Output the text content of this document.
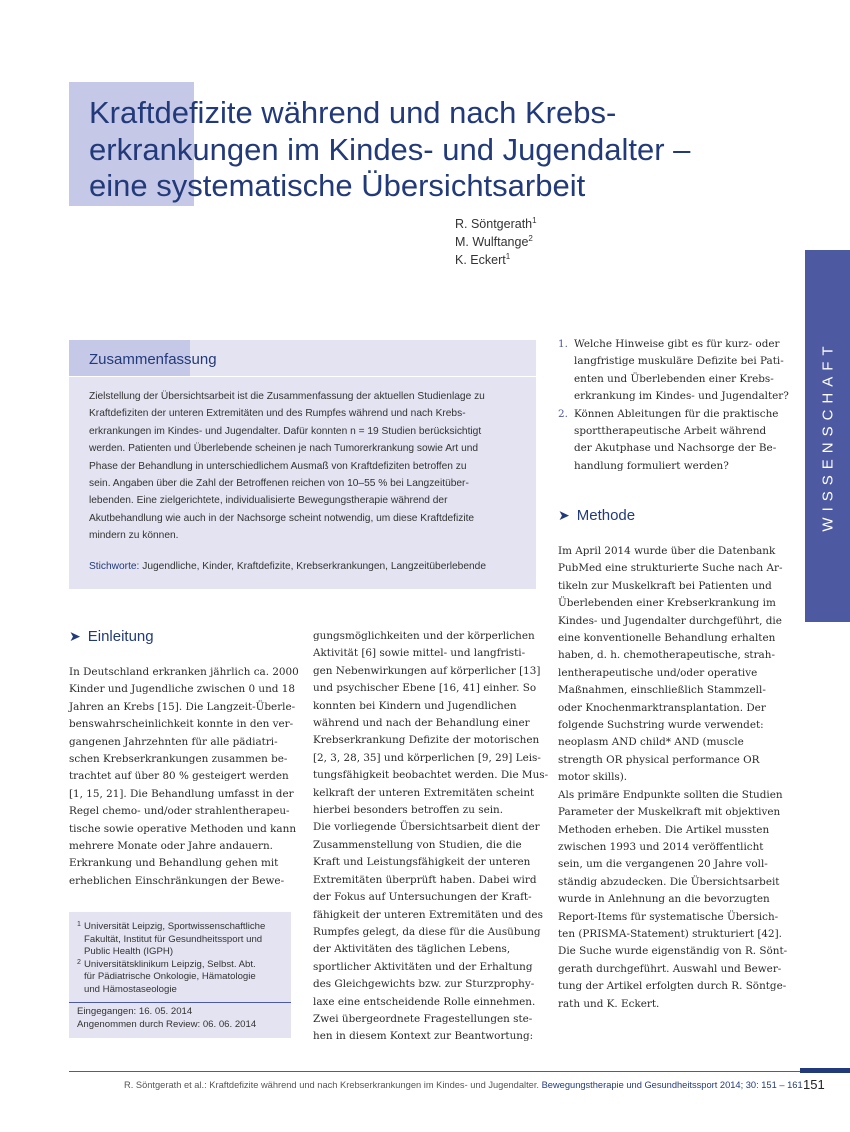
Kraftdefizite während und nach Krebs-
erkrankungen im Kindes- und Jugendalter –
eine systematische Übersichtsarbeit
R. Söntgerath$^1$
M. Wulftange$^2$
K. Eckert$^1$
WISSENSCHAFT
Zusammenfassung
Zielstellung der Übersichtsarbeit ist die Zusammenfassung der aktuellen Studienlage zu
Kraftdefiziten der unteren Extremitäten und des Rumpfes während und nach Krebs-
erkrankungen im Kindes- und Jugendalter. Dafür konnten n = 19 Studien berücksichtigt
werden. Patienten und Überlebende scheinen je nach Tumorerkrankung sowie Art und
Phase der Behandlung in unterschiedlichem Ausmaß von Kraftdefiziten betroffen zu
sein. Angaben über die Zahl der Betroffenen reichen von 10–55 % bei Langzeitüber-
lebenden. Eine zielgerichtete, individualisierte Bewegungstherapie während der
Akutbehandlung wie auch in der Nachsorge scheint notwendig, um diese Kraftdefizite
mindern zu können.
Stichworte: Jugendliche, Kinder, Kraftdefizite, Krebserkrankungen, Langzeitüberlebende
1. Welche Hinweise gibt es für kurz- oder
langfristige muskuläre Defizite bei Pati-
enten und Überlebenden einer Krebs-
erkrankung im Kindes- und Jugendalter?
2. Können Ableitungen für die praktische
sporttherapeutische Arbeit während
der Akutphase und Nachsorge der Be-
handlung formuliert werden?
➤ Einleitung
➤ Methode
In Deutschland erkranken jährlich ca. 2000
Kinder und Jugendliche zwischen 0 und 18
Jahren an Krebs [15]. Die Langzeit-Überle-
benswahrscheinlichkeit konnte in den ver-
gangenen Jahrzehnten für alle pädiatri-
schen Krebserkrankungen zusammen be-
trachtet auf über 80 % gesteigert werden
[1, 15, 21]. Die Behandlung umfasst in der
Regel chemo- und/oder strahlentherapeu-
tische sowie operative Methoden und kann
mehrere Monate oder Jahre andauern.
Erkrankung und Behandlung gehen mit
erheblichen Einschränkungen der Bewe-
gungsmöglichkeiten und der körperlichen
Aktivität [6] sowie mittel- und langfristi-
gen Nebenwirkungen auf körperlicher [13]
und psychischer Ebene [16, 41] einher. So
konnten bei Kindern und Jugendlichen
während und nach der Behandlung einer
Krebserkrankung Defizite der motorischen
[2, 3, 28, 35] und körperlichen [9, 29] Leis-
tungsfähigkeit beobachtet werden. Die Mus-
kelkraft der unteren Extremitäten scheint
hierbei besonders betroffen zu sein.
Die vorliegende Übersichtsarbeit dient der
Zusammenstellung von Studien, die die
Kraft und Leistungsfähigkeit der unteren
Extremitäten überprüft haben. Dabei wird
der Fokus auf Untersuchungen der Kraft-
fähigkeit der unteren Extremitäten und des
Rumpfes gelegt, da diese für die Ausübung
der Aktivitäten des täglichen Lebens,
sportlicher Aktivitäten und der Erhaltung
des Gleichgewichts bzw. zur Sturzprophy-
laxe eine entscheidende Rolle einnehmen.
Zwei übergeordnete Fragestellungen ste-
hen in diesem Kontext zur Beantwortung:
Im April 2014 wurde über die Datenbank
PubMed eine strukturierte Suche nach Ar-
tikeln zur Muskelkraft bei Patienten und
Überlebenden einer Krebserkrankung im
Kindes- und Jugendalter durchgeführt, die
eine konventionelle Behandlung erhalten
haben, d. h. chemotherapeutische, strah-
lentherapeutische und/oder operative
Maßnahmen, einschließlich Stammzell-
oder Knochenmarktransplantation. Der
folgende Suchstring wurde verwendet:
neoplasm AND child* AND (muscle
strength OR physical performance OR
motor skills).
Als primäre Endpunkte sollten die Studien
Parameter der Muskelkraft mit objektiven
Methoden erheben. Die Artikel mussten
zwischen 1993 und 2014 veröffentlicht
sein, um die vergangenen 20 Jahre voll-
ständig abzudecken. Die Übersichtsarbeit
wurde in Anlehnung an die bevorzugten
Report-Items für systematische Übersich-
ten (PRISMA-Statement) strukturiert [42].
Die Suche wurde eigenständig von R. Sönt-
gerath durchgeführt. Auswahl und Bewer-
tung der Artikel erfolgten durch R. Söntge-
rath und K. Eckert.
1 Universität Leipzig, Sportwissenschaftliche
Fakultät, Institut für Gesundheitssport und
Public Health (IGPH)
2 Universitätsklinikum Leipzig, Selbst. Abt.
für Pädiatrische Onkologie, Hämatologie
und Hämostaseologie
Eingegangen: 16. 05. 2014
Angenommen durch Review: 06. 06. 2014
R. Söntgerath et al.: Kraftdefizite während und nach Krebserkrankungen im Kindes- und Jugendalter. Bewegungstherapie und Gesundheitssport 2014; 30: 151 – 161 151
